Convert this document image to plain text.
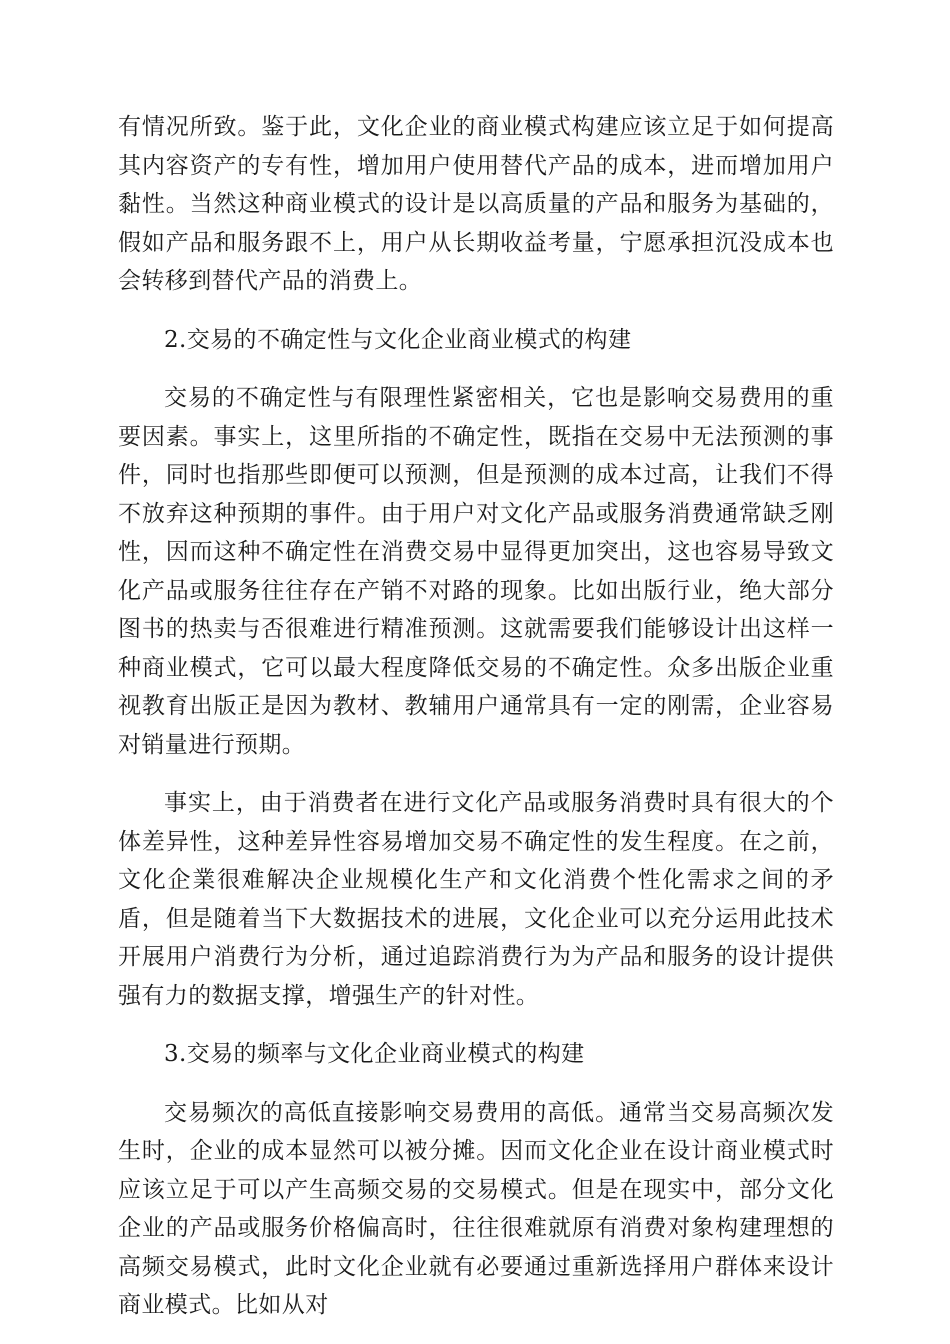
有情况所致。鉴于此，文化企业的商业模式构建应该立足于如何提高其内容资产的专有性，增加用户使用替代产品的成本，进而增加用户黏性。当然这种商业模式的设计是以高质量的产品和服务为基础的，假如产品和服务跟不上，用户从长期收益考量，宁愿承担沉没成本也会转移到替代产品的消费上。

2.交易的不确定性与文化企业商业模式的构建

交易的不确定性与有限理性紧密相关，它也是影响交易费用的重要因素。事实上，这里所指的不确定性，既指在交易中无法预测的事件，同时也指那些即便可以预测，但是预测的成本过高，让我们不得不放弃这种预期的事件。由于用户对文化产品或服务消费通常缺乏刚性，因而这种不确定性在消费交易中显得更加突出，这也容易导致文化产品或服务往往存在产销不对路的现象。比如出版行业，绝大部分图书的热卖与否很难进行精准预测。这就需要我们能够设计出这样一种商业模式，它可以最大程度降低交易的不确定性。众多出版企业重视教育出版正是因为教材、教辅用户通常具有一定的刚需，企业容易对销量进行预期。

事实上，由于消费者在进行文化产品或服务消费时具有很大的个体差异性，这种差异性容易增加交易不确定性的发生程度。在之前，文化企業很难解决企业规模化生产和文化消费个性化需求之间的矛盾，但是随着当下大数据技术的进展，文化企业可以充分运用此技术开展用户消费行为分析，通过追踪消费行为为产品和服务的设计提供强有力的数据支撑，增强生产的针对性。

3.交易的频率与文化企业商业模式的构建

交易频次的高低直接影响交易费用的高低。通常当交易高频次发生时，企业的成本显然可以被分摊。因而文化企业在设计商业模式时应该立足于可以产生高频交易的交易模式。但是在现实中，部分文化企业的产品或服务价格偏高时，往往很难就原有消费对象构建理想的高频交易模式，此时文化企业就有必要通过重新选择用户群体来设计商业模式。比如从对
